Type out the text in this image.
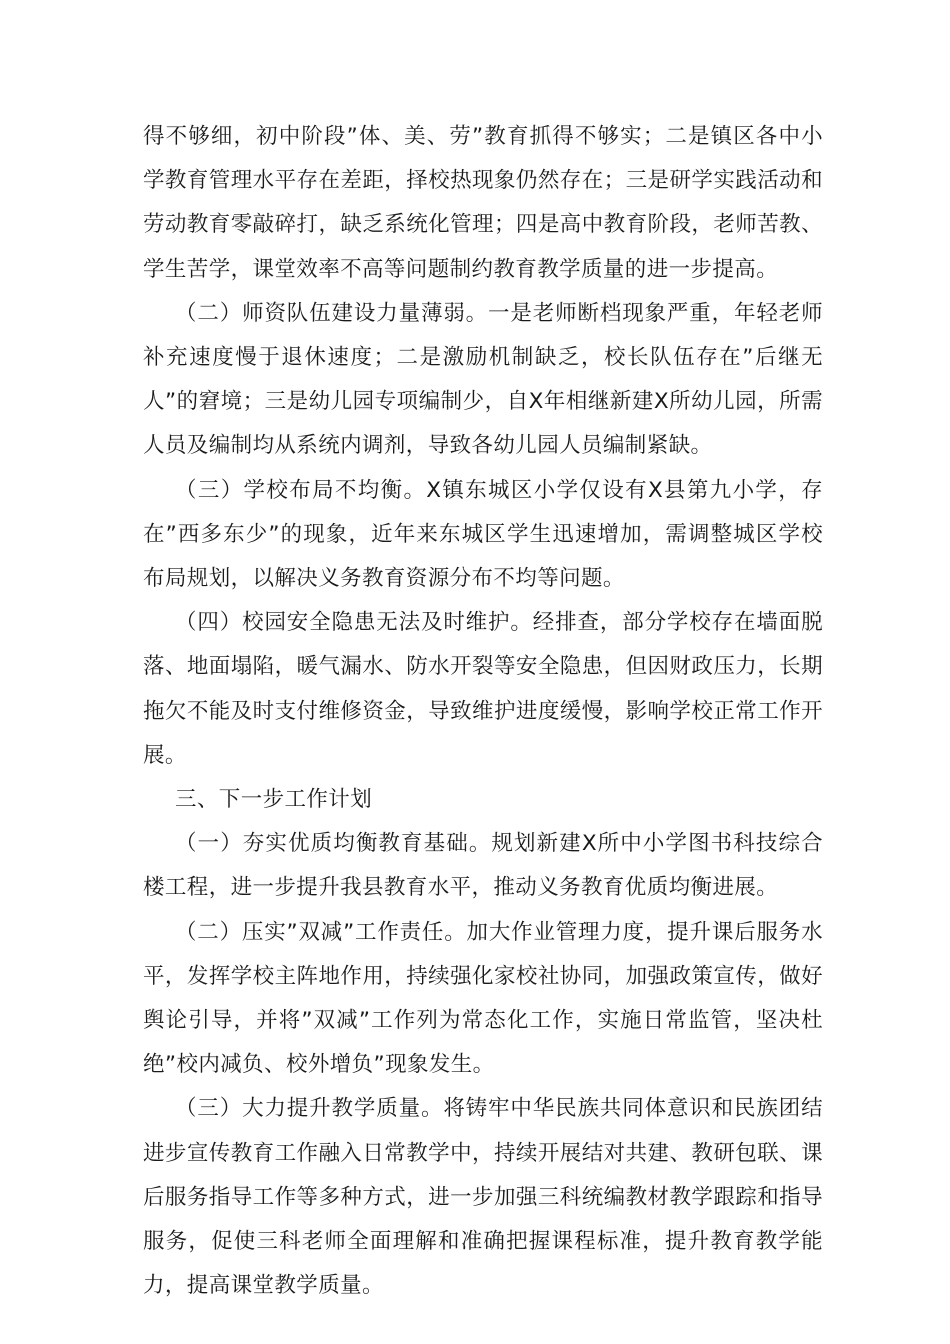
得不够细，初中阶段”体、美、劳”教育抓得不够实；二是镇区各中小学教育管理水平存在差距，择校热现象仍然存在；三是研学实践活动和劳动教育零敲碎打，缺乏系统化管理；四是高中教育阶段，老师苦教、学生苦学，课堂效率不高等问题制约教育教学质量的进一步提高。

（二）师资队伍建设力量薄弱。一是老师断档现象严重，年轻老师补充速度慢于退休速度；二是激励机制缺乏，校长队伍存在”后继无人”的窘境；三是幼儿园专项编制少，自X年相继新建X所幼儿园，所需人员及编制均从系统内调剂，导致各幼儿园人员编制紧缺。

（三）学校布局不均衡。X镇东城区小学仅设有X县第九小学，存在”西多东少”的现象，近年来东城区学生迅速增加，需调整城区学校布局规划，以解决义务教育资源分布不均等问题。

（四）校园安全隐患无法及时维护。经排查，部分学校存在墙面脱落、地面塌陷，暖气漏水、防水开裂等安全隐患，但因财政压力，长期拖欠不能及时支付维修资金，导致维护进度缓慢，影响学校正常工作开展。

三、下一步工作计划

（一）夯实优质均衡教育基础。规划新建X所中小学图书科技综合楼工程，进一步提升我县教育水平，推动义务教育优质均衡进展。

（二）压实”双减”工作责任。加大作业管理力度，提升课后服务水平，发挥学校主阵地作用，持续强化家校社协同，加强政策宣传，做好舆论引导，并将”双减”工作列为常态化工作，实施日常监管，坚决杜绝”校内减负、校外增负”现象发生。

（三）大力提升教学质量。将铸牢中华民族共同体意识和民族团结进步宣传教育工作融入日常教学中，持续开展结对共建、教研包联、课后服务指导工作等多种方式，进一步加强三科统编教材教学跟踪和指导服务，促使三科老师全面理解和准确把握课程标准，提升教育教学能力，提高课堂教学质量。
